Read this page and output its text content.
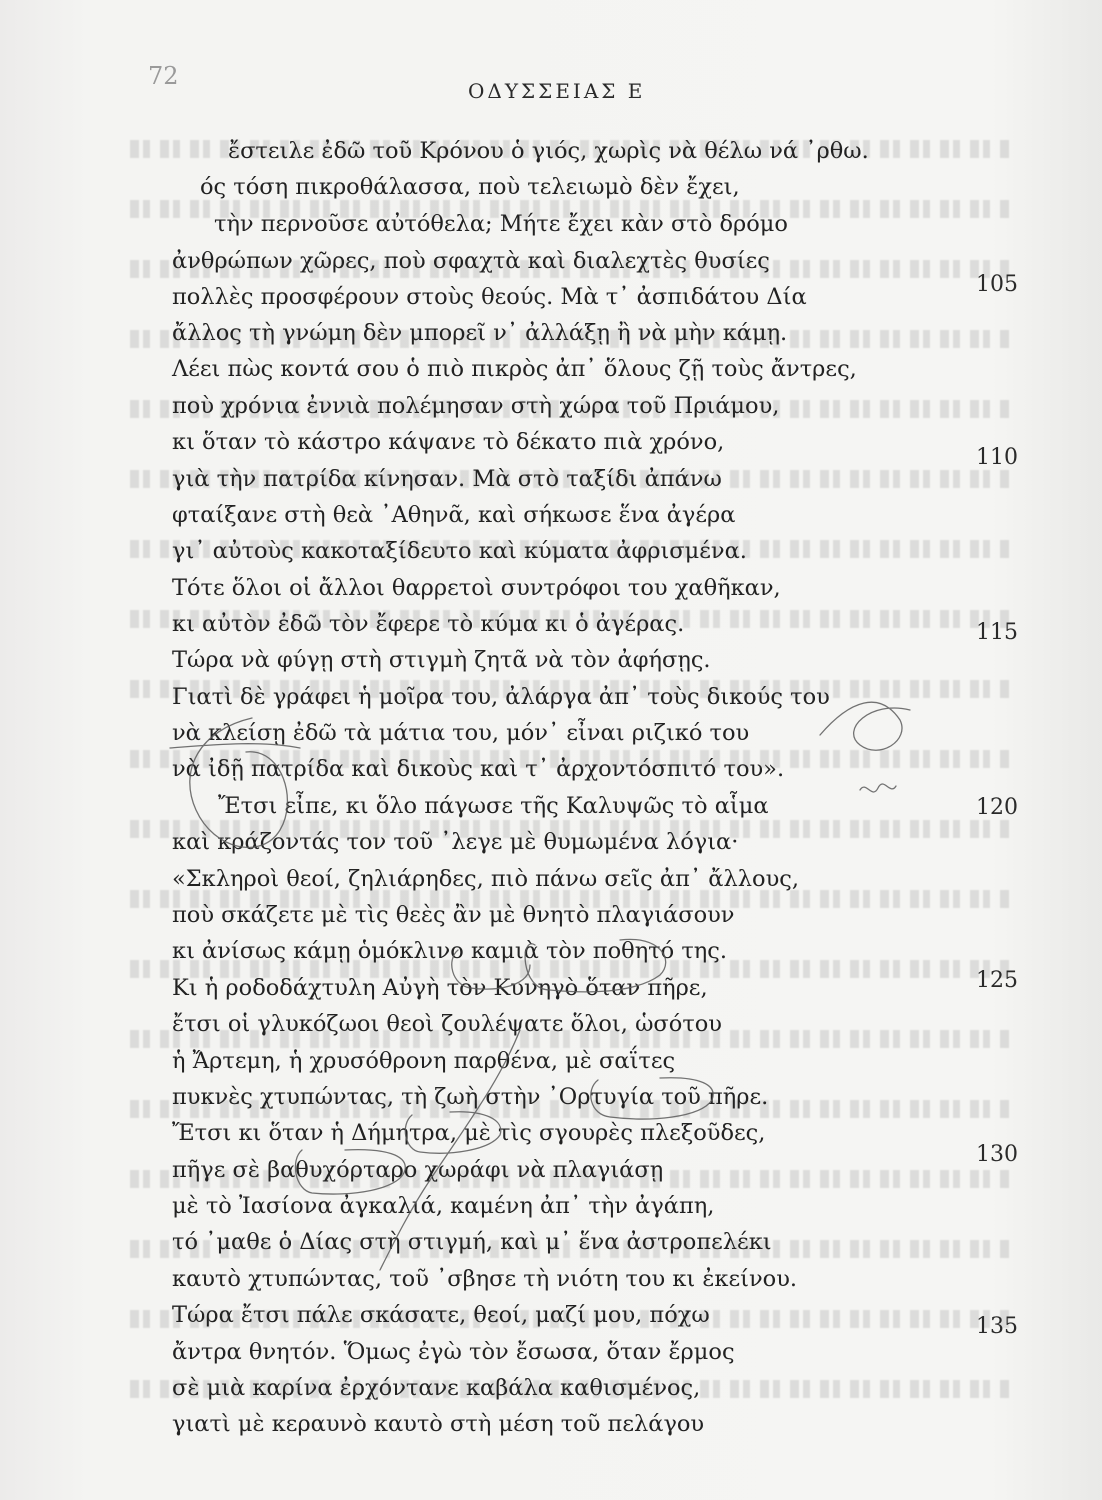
72
ΟΔΥΣΣΕΙΑΣ Ε
ἔστειλε ἐδῶ τοῦ Κρόνου ὁ γιός, χωρὶς νὰ θέλω νά ᾽ρθω.
ός τόση πικροθάλασσα, ποὺ τελειωμὸ δὲν ἔχει,
τὴν περνοῦσε αὐτόθελα; Μήτε ἔχει κὰν στὸ δρόμο
ἀνθρώπων χῶρες, ποὺ σφαχτὰ καὶ διαλεχτὲς θυσίες
πολλὲς προσφέρουν στοὺς θεούς. Μὰ τ᾽ ἀσπιδάτου Δία
ἄλλος τὴ γνώμη δὲν μπορεῖ ν᾽ ἀλλάξῃ ἢ νὰ μὴν κάμῃ.
Λέει πὼς κοντά σου ὁ πιὸ πικρὸς ἀπ᾽ ὅλους ζῇ τοὺς ἄντρες,
ποὺ χρόνια ἐννιὰ πολέμησαν στὴ χώρα τοῦ Πριάμου,
κι ὅταν τὸ κάστρο κάψανε τὸ δέκατο πιὰ χρόνο,
γιὰ τὴν πατρίδα κίνησαν. Μὰ στὸ ταξίδι ἀπάνω
φταίξανε στὴ θεὰ ᾽Αθηνᾶ, καὶ σήκωσε ἕνα ἀγέρα
γι᾽ αὐτοὺς κακοταξίδευτο καὶ κύματα ἀφρισμένα.
Τότε ὅλοι οἱ ἄλλοι θαρρετοὶ συντρόφοι του χαθῆκαν,
κι αὐτὸν ἐδῶ τὸν ἔφερε τὸ κύμα κι ὁ ἀγέρας.
Τώρα νὰ φύγῃ στὴ στιγμὴ ζητᾶ νὰ τὸν ἀφήσῃς.
Γιατὶ δὲ γράφει ἡ μοῖρα του, ἀλάργα ἀπ᾽ τοὺς δικούς του
νὰ κλείσῃ ἐδῶ τὰ μάτια του, μόν᾽ εἶναι ριζικό του
νὰ ἰδῇ πατρίδα καὶ δικοὺς καὶ τ᾽ ἀρχοντόσπιτό του».
Ἔτσι εἶπε, κι ὅλο πάγωσε τῆς Καλυψῶς τὸ αἷμα
καὶ κράζοντάς τον τοῦ ᾽λεγε μὲ θυμωμένα λόγια·
«Σκληροὶ θεοί, ζηλιάρηδες, πιὸ πάνω σεῖς ἀπ᾽ ἄλλους,
ποὺ σκάζετε μὲ τὶς θεὲς ἂν μὲ θνητὸ πλαγιάσουν
κι ἀνίσως κάμῃ ὁμόκλινο καμιὰ τὸν ποθητό της.
Κι ἡ ροδοδάχτυλη Αὐγὴ τὸν Κυνηγὸ ὅταν πῆρε,
ἔτσι οἱ γλυκόζωοι θεοὶ ζουλέψατε ὅλοι, ὡσότου
ἡ Ἄρτεμη, ἡ χρυσόθρονη παρθένα, μὲ σαΐτες
πυκνὲς χτυπώντας, τὴ ζωὴ στὴν ᾽Ορτυγία τοῦ πῆρε.
Ἔτσι κι ὅταν ἡ Δήμητρα, μὲ τὶς σγουρὲς πλεξοῦδες,
πῆγε σὲ βαθυχόρταρο χωράφι νὰ πλαγιάσῃ
μὲ τὸ Ἰασίονα ἀγκαλιά, καμένη ἀπ᾽ τὴν ἀγάπη,
τό ᾽μαθε ὁ Δίας στὴ στιγμή, καὶ μ᾽ ἕνα ἀστροπελέκι
καυτὸ χτυπώντας, τοῦ ᾽σβησε τὴ νιότη του κι ἐκείνου.
Τώρα ἔτσι πάλε σκάσατε, θεοί, μαζί μου, πόχω
ἄντρα θνητόν. Ὅμως ἐγὼ τὸν ἔσωσα, ὅταν ἔρμος
σὲ μιὰ καρίνα ἐρχόντανε καβάλα καθισμένος,
γιατὶ μὲ κεραυνὸ καυτὸ στὴ μέση τοῦ πελάγου
105
110
115
120
125
130
135
